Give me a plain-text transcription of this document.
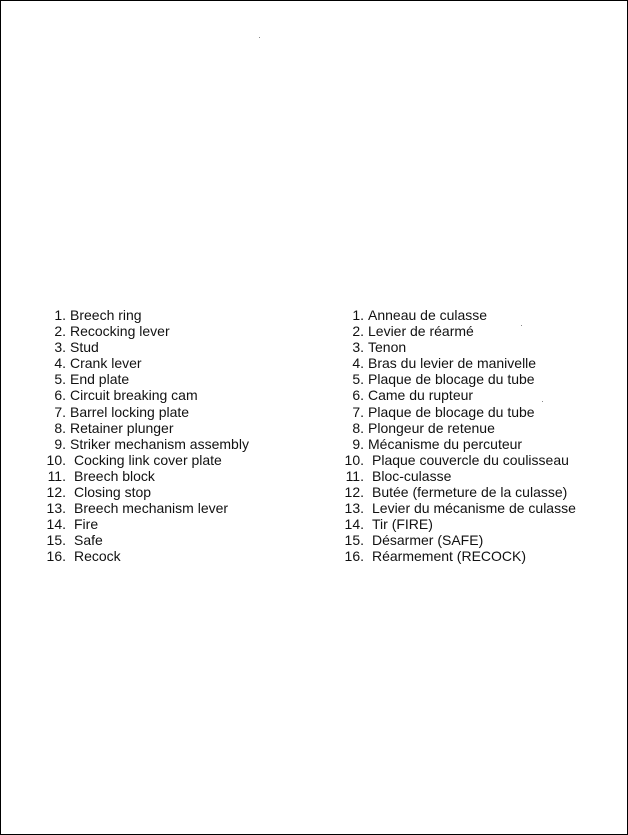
1. Breech ring
2. Recocking lever
3. Stud
4. Crank lever
5. End plate
6. Circuit breaking cam
7. Barrel locking plate
8. Retainer plunger
9. Striker mechanism assembly
10. Cocking link cover plate
11. Breech block
12. Closing stop
13. Breech mechanism lever
14. Fire
15. Safe
16. Recock
1. Anneau de culasse
2. Levier de réarmé
3. Tenon
4. Bras du levier de manivelle
5. Plaque de blocage du tube
6. Came du rupteur
7. Plaque de blocage du tube
8. Plongeur de retenue
9. Mécanisme du percuteur
10. Plaque couvercle du coulisseau
11. Bloc-culasse
12. Butée (fermeture de la culasse)
13. Levier du mécanisme de culasse
14. Tir (FIRE)
15. Désarmer (SAFE)
16. Réarmement (RECOCK)
